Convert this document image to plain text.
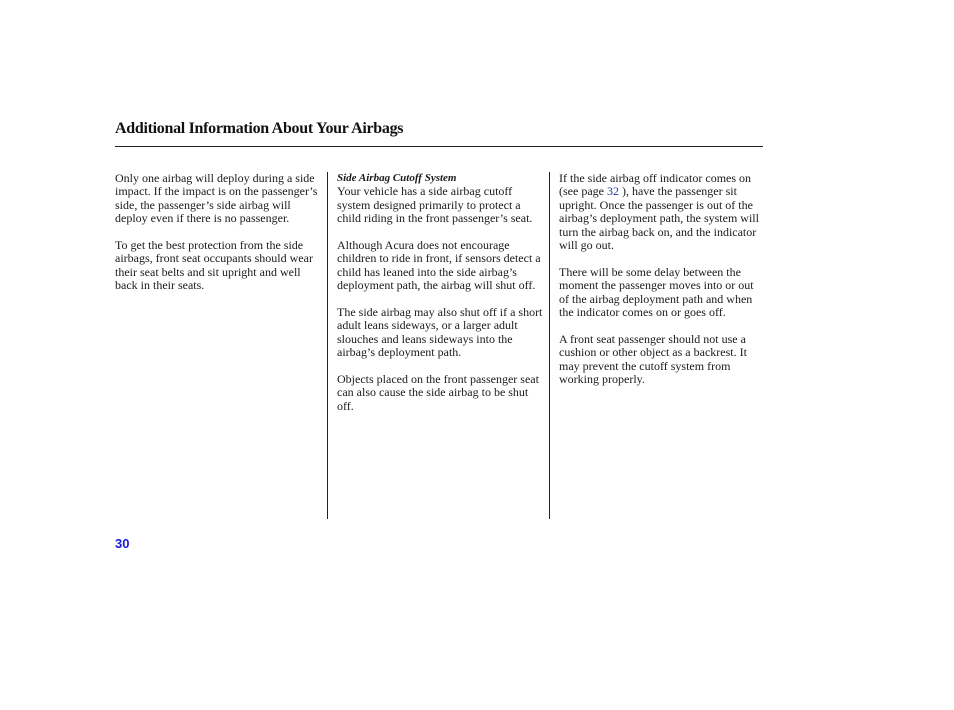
Additional Information About Your Airbags

Only one airbag will deploy during a side impact. If the impact is on the passenger’s side, the passenger’s side airbag will deploy even if there is no passenger.

To get the best protection from the side airbags, front seat occupants should wear their seat belts and sit upright and well back in their seats.

Side Airbag Cutoff System

Your vehicle has a side airbag cutoff system designed primarily to protect a child riding in the front passenger’s seat.

Although Acura does not encourage children to ride in front, if sensors detect a child has leaned into the side airbag’s deployment path, the airbag will shut off.

The side airbag may also shut off if a short adult leans sideways, or a larger adult slouches and leans sideways into the airbag’s deployment path.

Objects placed on the front passenger seat can also cause the side airbag to be shut off.

If the side airbag off indicator comes on (see page 32 ), have the passenger sit upright. Once the passenger is out of the airbag’s deployment path, the system will turn the airbag back on, and the indicator will go out.

There will be some delay between the moment the passenger moves into or out of the airbag deployment path and when the indicator comes on or goes off.

A front seat passenger should not use a cushion or other object as a backrest. It may prevent the cutoff system from working properly.

30
